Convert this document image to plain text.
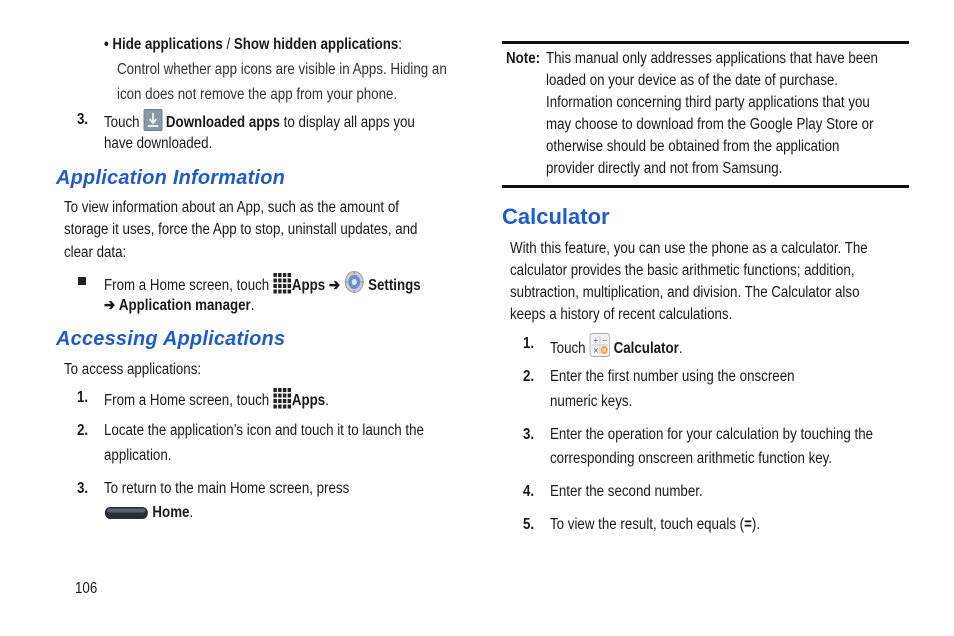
• Hide applications / Show hidden applications:
Control whether app icons are visible in Apps. Hiding an
icon does not remove the app from your phone.
3. Touch Downloaded apps to display all apps you
have downloaded.
Application Information
To view information about an App, such as the amount of
storage it uses, force the App to stop, uninstall updates, and
clear data:
From a Home screen, touch Apps ➔ Settings
➔ Application manager.
Accessing Applications
To access applications:
1. From a Home screen, touch Apps.
2. Locate the application’s icon and touch it to launch the
application.
3. To return to the main Home screen, press
Home.
106
Note: This manual only addresses applications that have been
loaded on your device as of the date of purchase.
Information concerning third party applications that you
may choose to download from the Google Play Store or
otherwise should be obtained from the application
provider directly and not from Samsung.
Calculator
With this feature, you can use the phone as a calculator. The
calculator provides the basic arithmetic functions; addition,
subtraction, multiplication, and division. The Calculator also
keeps a history of recent calculations.
1. Touch + −
× Calculator.
2. Enter the first number using the onscreen
numeric keys.
3. Enter the operation for your calculation by touching the
corresponding onscreen arithmetic function key.
4. Enter the second number.
5. To view the result, touch equals (=).
